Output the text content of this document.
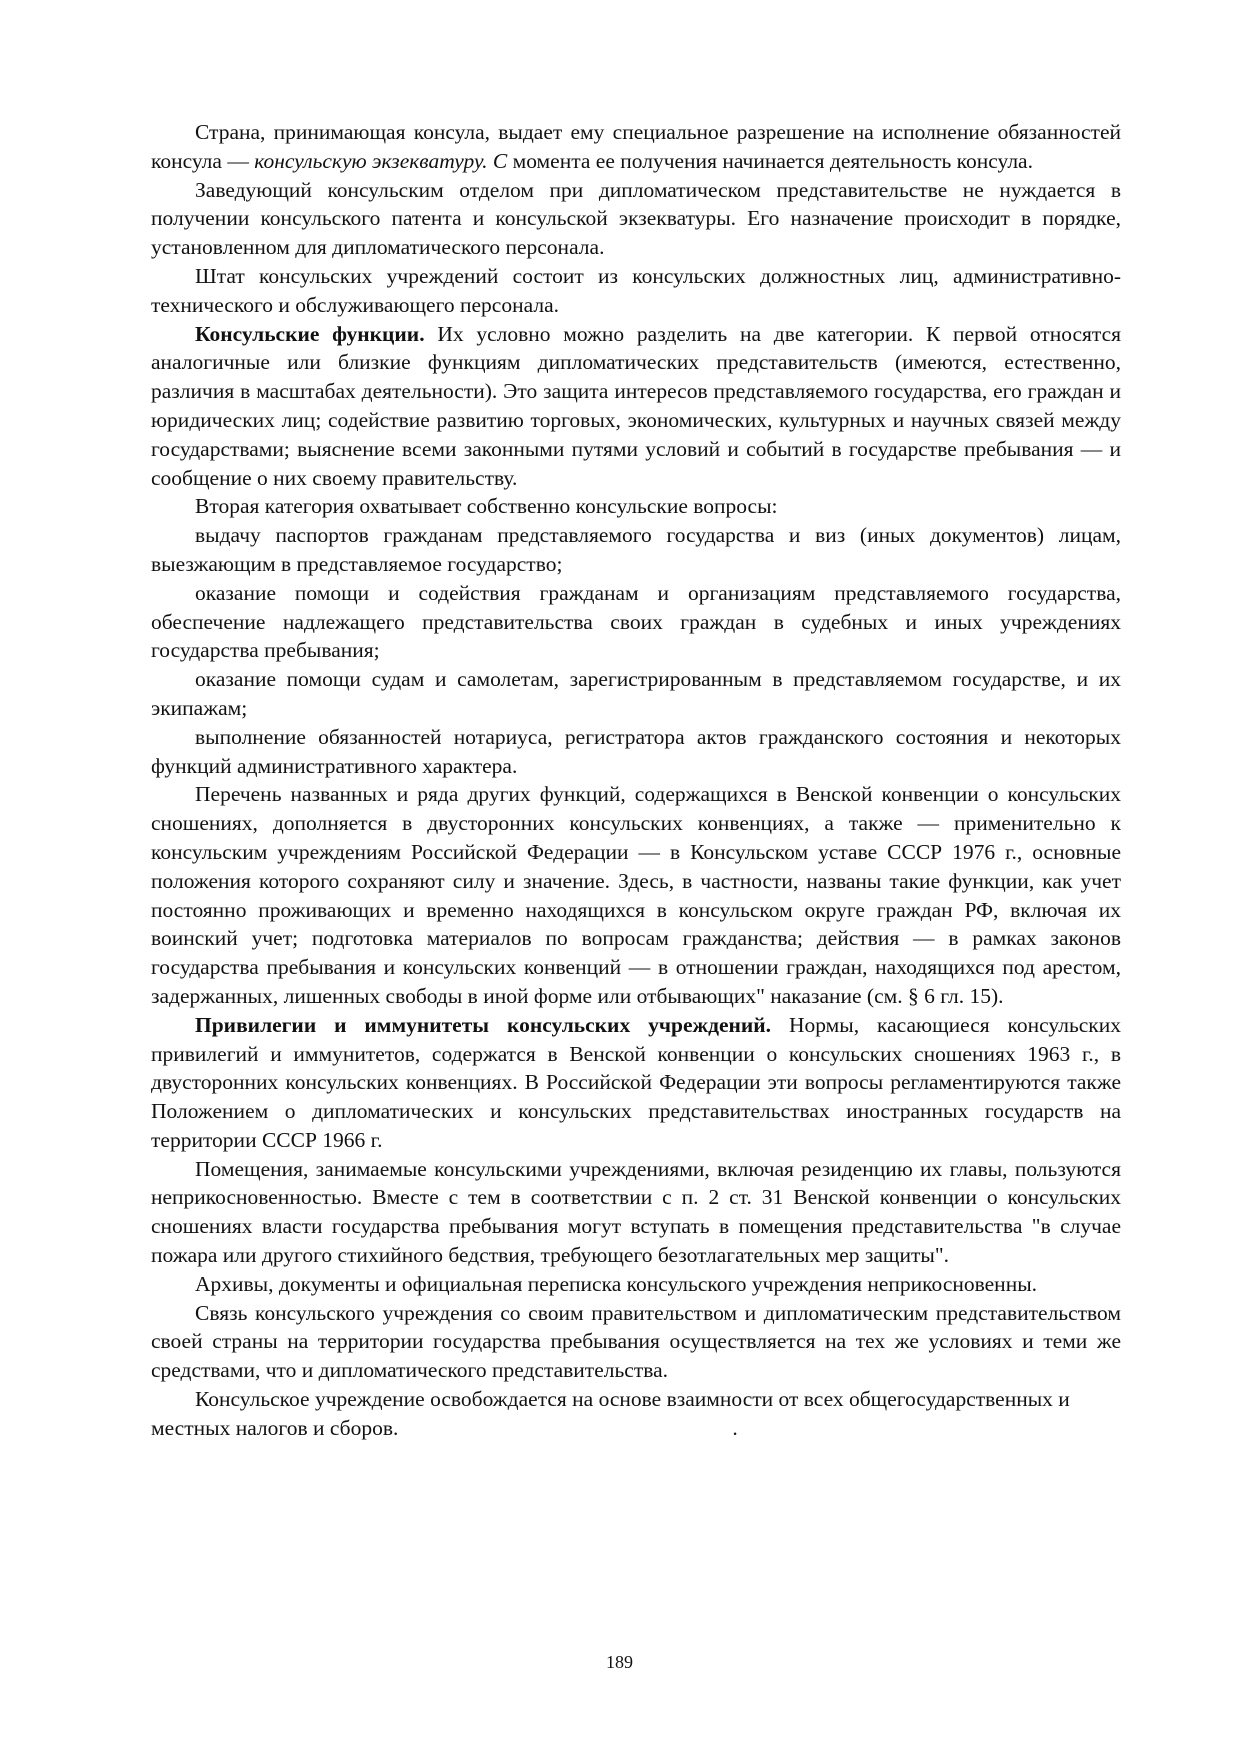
Страна, принимающая консула, выдает ему специальное разрешение на исполнение обязанностей консула — консульскую экзекватуру. С момента ее получения начинается деятельность консула.

Заведующий консульским отделом при дипломатическом представительстве не нуждается в получении консульского патента и консульской экзекватуры. Его назначение происходит в порядке, установленном для дипломатического персонала.

Штат консульских учреждений состоит из консульских должностных лиц, административно-технического и обслуживающего персонала.

Консульские функции. Их условно можно разделить на две категории. К первой относятся аналогичные или близкие функциям дипломатических представительств (имеются, естественно, различия в масштабах деятельности). Это защита интересов представляемого государства, его граждан и юридических лиц; содействие развитию торговых, экономических, культурных и научных связей между государствами; выяснение всеми законными путями условий и событий в государстве пребывания — и сообщение о них своему правительству.

Вторая категория охватывает собственно консульские вопросы:

выдачу паспортов гражданам представляемого государства и виз (иных документов) лицам, выезжающим в представляемое государство;

оказание помощи и содействия гражданам и организациям представляемого государства, обеспечение надлежащего представительства своих граждан в судебных и иных учреждениях государства пребывания;

оказание помощи судам и самолетам, зарегистрированным в представляемом государстве, и их экипажам;

выполнение обязанностей нотариуса, регистратора актов гражданского состояния и некоторых функций административного характера.

Перечень названных и ряда других функций, содержащихся в Венской конвенции о консульских сношениях, дополняется в двусторонних консульских конвенциях, а также — применительно к консульским учреждениям Российской Федерации — в Консульском уставе СССР 1976 г., основные положения которого сохраняют силу и значение. Здесь, в частности, названы такие функции, как учет постоянно проживающих и временно находящихся в консульском округе граждан РФ, включая их воинский учет; подготовка материалов по вопросам гражданства; действия — в рамках законов государства пребывания и консульских конвенций — в отношении граждан, находящихся под арестом, задержанных, лишенных свободы в иной форме или отбывающих" наказание (см. § 6 гл. 15).

Привилегии и иммунитеты консульских учреждений. Нормы, касающиеся консульских привилегий и иммунитетов, содержатся в Венской конвенции о консульских сношениях 1963 г., в двусторонних консульских конвенциях. В Российской Федерации эти вопросы регламентируются также Положением о дипломатических и консульских представительствах иностранных государств на территории СССР 1966 г.

Помещения, занимаемые консульскими учреждениями, включая резиденцию их главы, пользуются неприкосновенностью. Вместе с тем в соответствии с п. 2 ст. 31 Венской конвенции о консульских сношениях власти государства пребывания могут вступать в помещения представительства "в случае пожара или другого стихийного бедствия, требующего безотлагательных мер защиты".

Архивы, документы и официальная переписка консульского учреждения неприкосновенны.

Связь консульского учреждения со своим правительством и дипломатическим представительством своей страны на территории государства пребывания осуществляется на тех же условиях и теми же средствами, что и дипломатического представительства.

Консульское учреждение освобождается на основе взаимности от всех общегосударственных и местных налогов и сборов.	.

189
